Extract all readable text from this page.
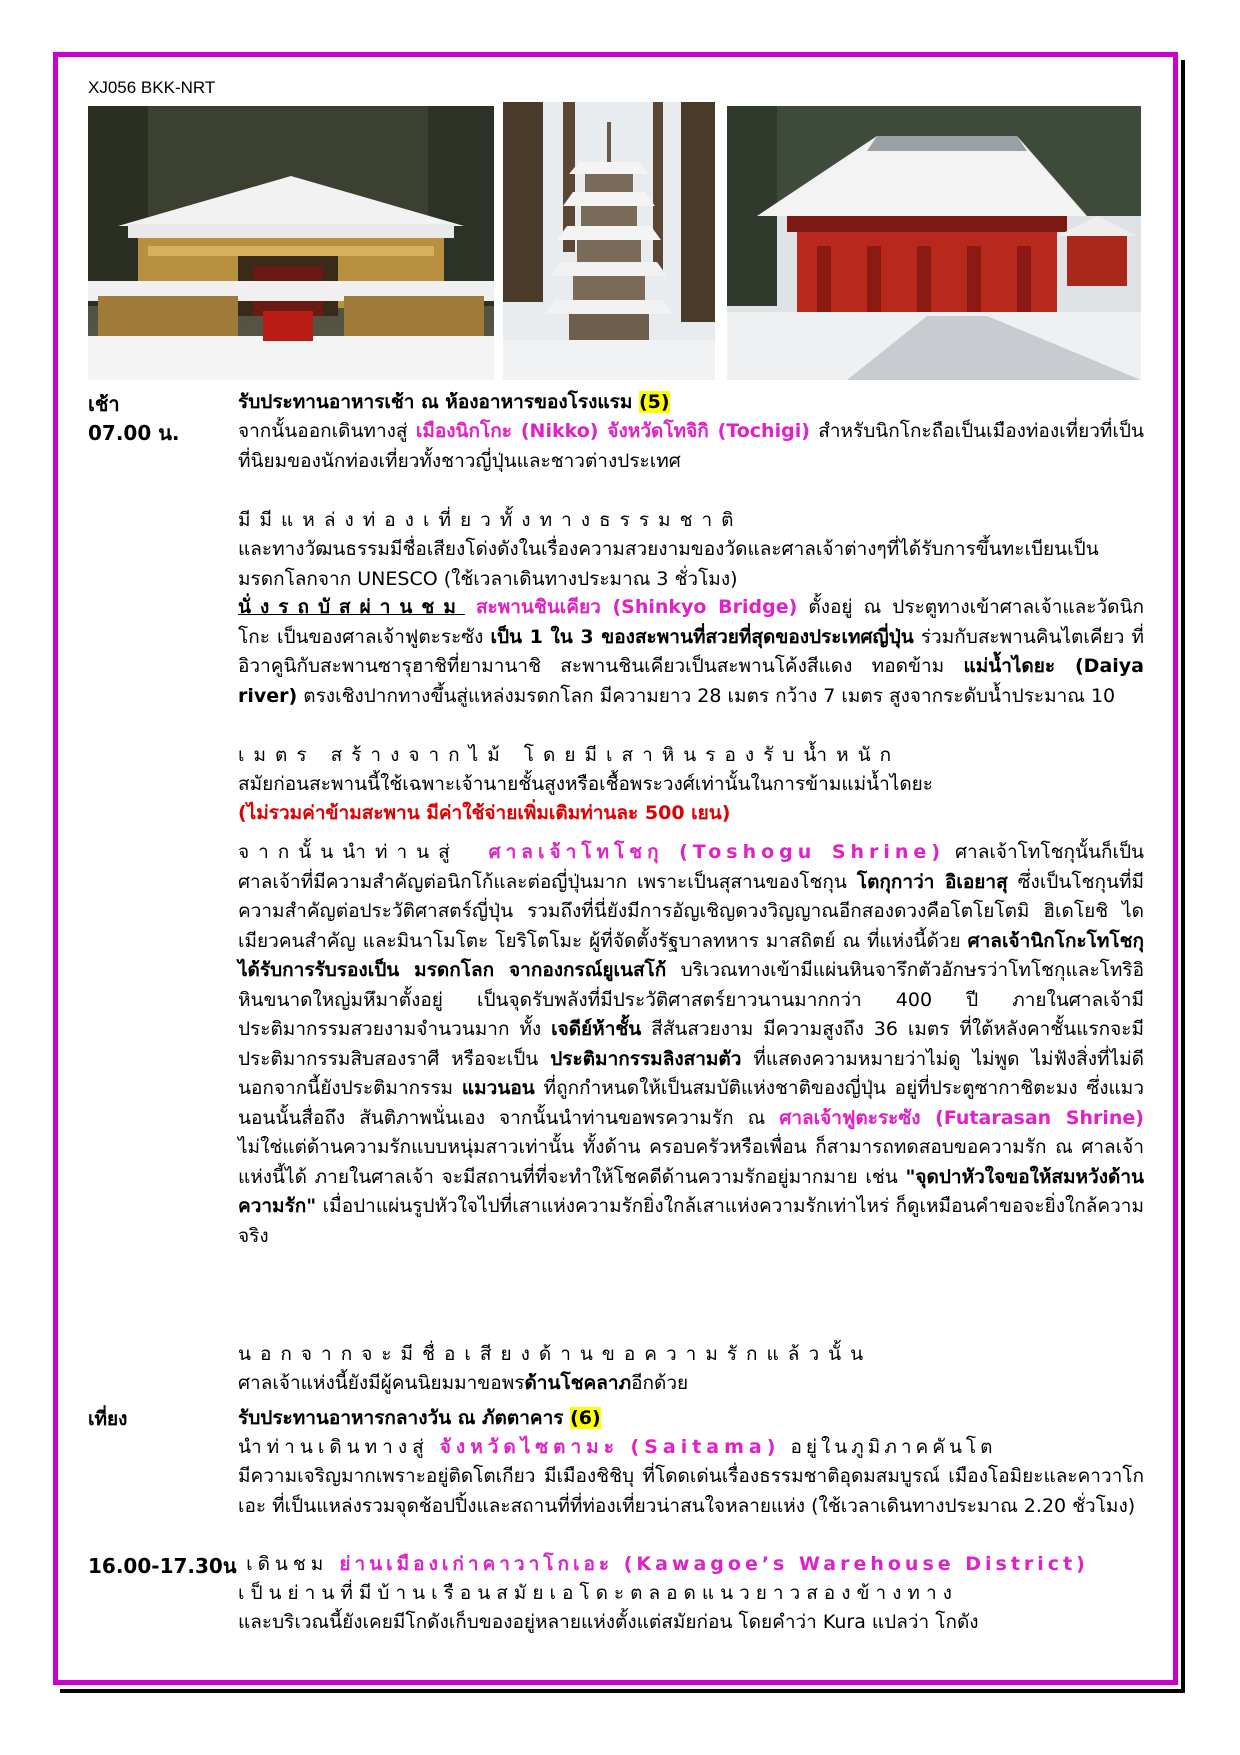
XJ056 BKK-NRT
เช้า	รับประทานอาหารเช้า ณ ห้องอาหารของโรงแรม (5)
07.00 น.	จากนั้นออกเดินทางสู่ เมืองนิกโกะ (Nikko) จังหวัดโทจิกิ (Tochigi) สำหรับนิกโกะถือเป็นเมืองท่องเที่ยวที่เป็นที่นิยมของนักท่องเที่ยวทั้งชาวญี่ปุ่นและชาวต่างประเทศ
มีมีแหล่งท่องเที่ยวทั้งทางธรรมชาติ
และทางวัฒนธรรมมีชื่อเสียงโด่งดังในเรื่องความสวยงามของวัดและศาลเจ้าต่างๆที่ได้รับการขึ้นทะเบียนเป็นมรดกโลกจาก UNESCO (ใช้เวลาเดินทางประมาณ 3 ชั่วโมง)
นั่งรถบัสผ่านชม สะพานชินเคียว (Shinkyo Bridge) ตั้งอยู่ ณ ประตูทางเข้าศาลเจ้าและวัดนิกโกะ เป็นของศาลเจ้าฟูตะระซัง เป็น 1 ใน 3 ของสะพานที่สวยที่สุดของประเทศญี่ปุ่น ร่วมกับสะพานคินไตเคียว ที่อิวาคูนิกับสะพานซารุฮาชิที่ยามานาชิ สะพานชินเคียวเป็นสะพานโค้งสีแดง ทอดข้าม แม่น้ำไดยะ (Daiya river) ตรงเชิงปากทางขึ้นสู่แหล่งมรดกโลก มีความยาว 28 เมตร กว้าง 7 เมตร สูงจากระดับน้ำประมาณ 10
เมตร สร้างจากไม้ โดยมีเสาหินรองรับน้ำหนัก
สมัยก่อนสะพานนี้ใช้เฉพาะเจ้านายชั้นสูงหรือเชื้อพระวงศ์เท่านั้นในการข้ามแม่น้ำไดยะ
(ไม่รวมค่าข้ามสะพาน มีค่าใช้จ่ายเพิ่มเติมท่านละ 500 เยน)
จากนั้นนำท่านสู่ ศาลเจ้าโทโชกุ (Toshogu Shrine) ศาลเจ้าโทโชกุนั้นก็เป็นศาลเจ้าที่มีความสำคัญต่อนิกโก้และต่อญี่ปุ่นมาก เพราะเป็นสุสานของโชกุน โตกุกาว่า อิเอยาสุ ซึ่งเป็นโชกุนที่มีความสำคัญต่อประวัติศาสตร์ญี่ปุ่น รวมถึงที่นี่ยังมีการอัญเชิญดวงวิญญาณอีกสองดวงคือโตโยโตมิ ฮิเดโยชิ ไดเมียวคนสำคัญ และมินาโมโตะ โยริโตโมะ ผู้ที่จัดตั้งรัฐบาลทหาร มาสถิตย์ ณ ที่แห่งนี้ด้วย ศาลเจ้านิกโกะโทโชกุได้รับการรับรองเป็น มรดกโลก จากองกรณ์ยูเนสโก้ บริเวณทางเข้ามีแผ่นหินจารึกตัวอักษรว่าโทโชกุและโทริอิ หินขนาดใหญ่มหึมาตั้งอยู่ เป็นจุดรับพลังที่มีประวัติศาสตร์ยาวนานมากกว่า 400 ปี ภายในศาลเจ้ามีประติมากรรมสวยงามจำนวนมาก ทั้ง เจดีย์ห้าชั้น สีสันสวยงาม มีความสูงถึง 36 เมตร ที่ใต้หลังคาชั้นแรกจะมีประติมากรรมสิบสองราศี หรือจะเป็น ประติมากรรมลิงสามตัว ที่แสดงความหมายว่าไม่ดู ไม่พูด ไม่ฟังสิ่งที่ไม่ดี นอกจากนี้ยังประติมากรรม แมวนอน ที่ถูกกำหนดให้เป็นสมบัติแห่งชาติของญี่ปุ่น อยู่ที่ประตูซากาชิตะมง ซึ่งแมวนอนนั้นสื่อถึง สันติภาพนั่นเอง จากนั้นนำท่านขอพรความรัก ณ ศาลเจ้าฟูตะระซัง (Futarasan Shrine) ไม่ใช่แต่ด้านความรักแบบหนุ่มสาวเท่านั้น ทั้งด้าน ครอบครัวหรือเพื่อน ก็สามารถทดสอบขอความรัก ณ ศาลเจ้าแห่งนี้ได้ ภายในศาลเจ้า จะมีสถานที่ที่จะทำให้โชคดีด้านความรักอยู่มากมาย เช่น "จุดปาหัวใจขอให้สมหวังด้านความรัก" เมื่อปาแผ่นรูปหัวใจไปที่เสาแห่งความรักยิ่งใกล้เสาแห่งความรักเท่าไหร่ ก็ดูเหมือนคำขอจะยิ่งใกล้ความจริง
นอกจากจะมีชื่อเสียงด้านขอความรักแล้วนั้น
ศาลเจ้าแห่งนี้ยังมีผู้คนนิยมมาขอพรด้านโชคลาภอีกด้วย
เที่ยง	รับประทานอาหารกลางวัน ณ ภัตตาคาร (6)
นำท่านเดินทางสู่ จังหวัดไซตามะ (Saitama) อยู่ในภูมิภาคคันโต
มีความเจริญมากเพราะอยู่ติดโตเกียว มีเมืองชิชิบุ ที่โดดเด่นเรื่องธรรมชาติอุดมสมบูรณ์ เมืองโอมิยะและคาวาโกเอะ ที่เป็นแหล่งรวมจุดช้อปปิ้งและสถานที่ที่ท่องเที่ยวน่าสนใจหลายแห่ง (ใช้เวลาเดินทางประมาณ 2.20 ชั่วโมง)
16.00-17.30น
. เดินชม ย่านเมืองเก่าคาวาโกเอะ (Kawagoe’s Warehouse District)
เป็นย่านที่มีบ้านเรือนสมัยเอโดะตลอดแนวยาวสองข้างทาง
และบริเวณนี้ยังเคยมีโกดังเก็บของอยู่หลายแห่งตั้งแต่สมัยก่อน โดยคำว่า Kura แปลว่า โกดัง
